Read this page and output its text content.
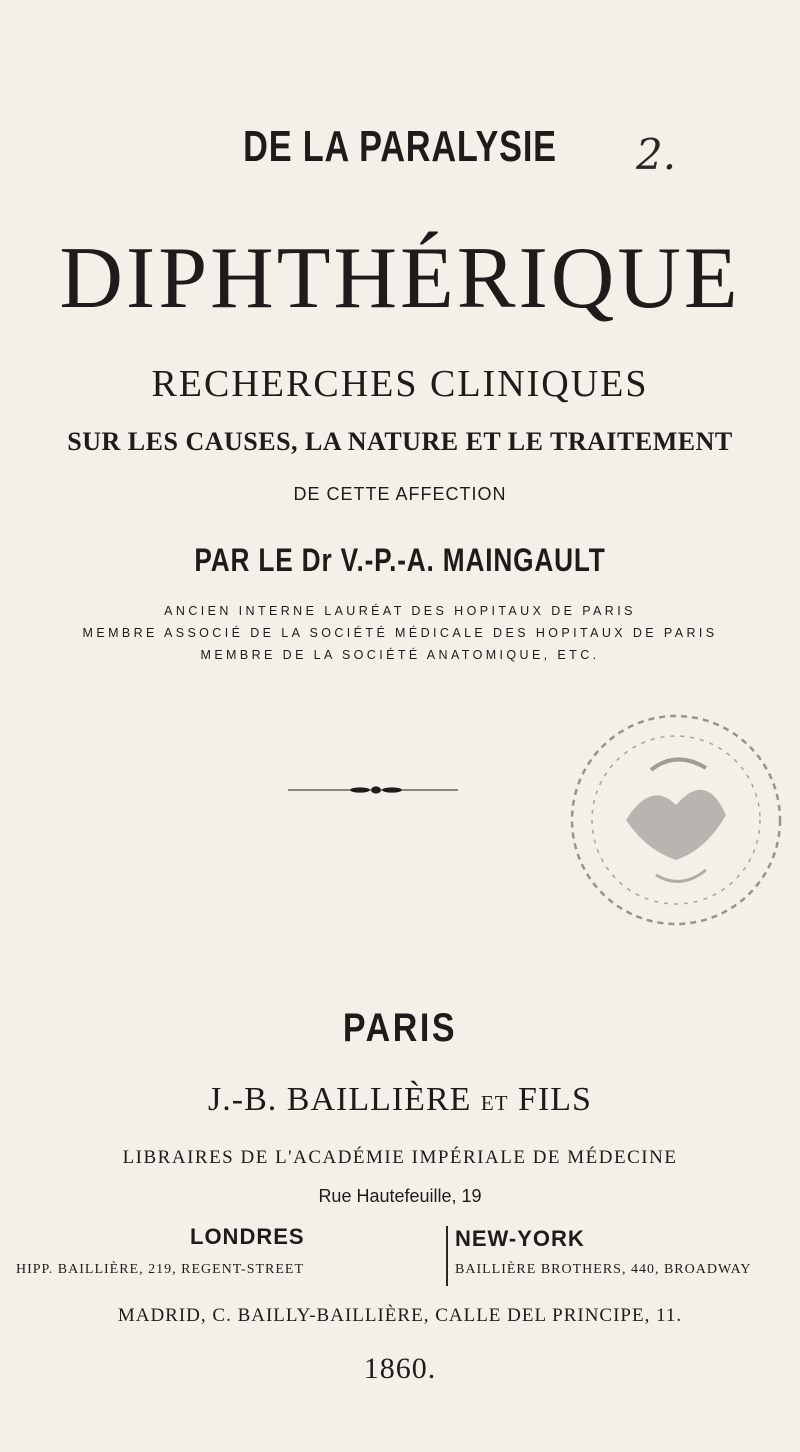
DE LA PARALYSIE	2.
DIPHTHÉRIQUE
RECHERCHES CLINIQUES
SUR LES CAUSES, LA NATURE ET LE TRAITEMENT
DE CETTE AFFECTION
PAR LE Dr V.-P.-A. MAINGAULT
ANCIEN INTERNE LAURÉAT DES HOPITAUX DE PARIS
MEMBRE ASSOCIÉ DE LA SOCIÉTÉ MÉDICALE DES HOPITAUX DE PARIS
MEMBRE DE LA SOCIÉTÉ ANATOMIQUE, ETC.
PARIS
J.-B. BAILLIÈRE ET FILS
LIBRAIRES DE L'ACADÉMIE IMPÉRIALE DE MÉDECINE
Rue Hautefeuille, 19
LONDRES	NEW-YORK
HIPP. BAILLIÈRE, 219, REGENT-STREET	BAILLIÈRE BROTHERS, 440, BROADWAY
MADRID, C. BAILLY-BAILLIÈRE, CALLE DEL PRINCIPE, 11.
1860.
